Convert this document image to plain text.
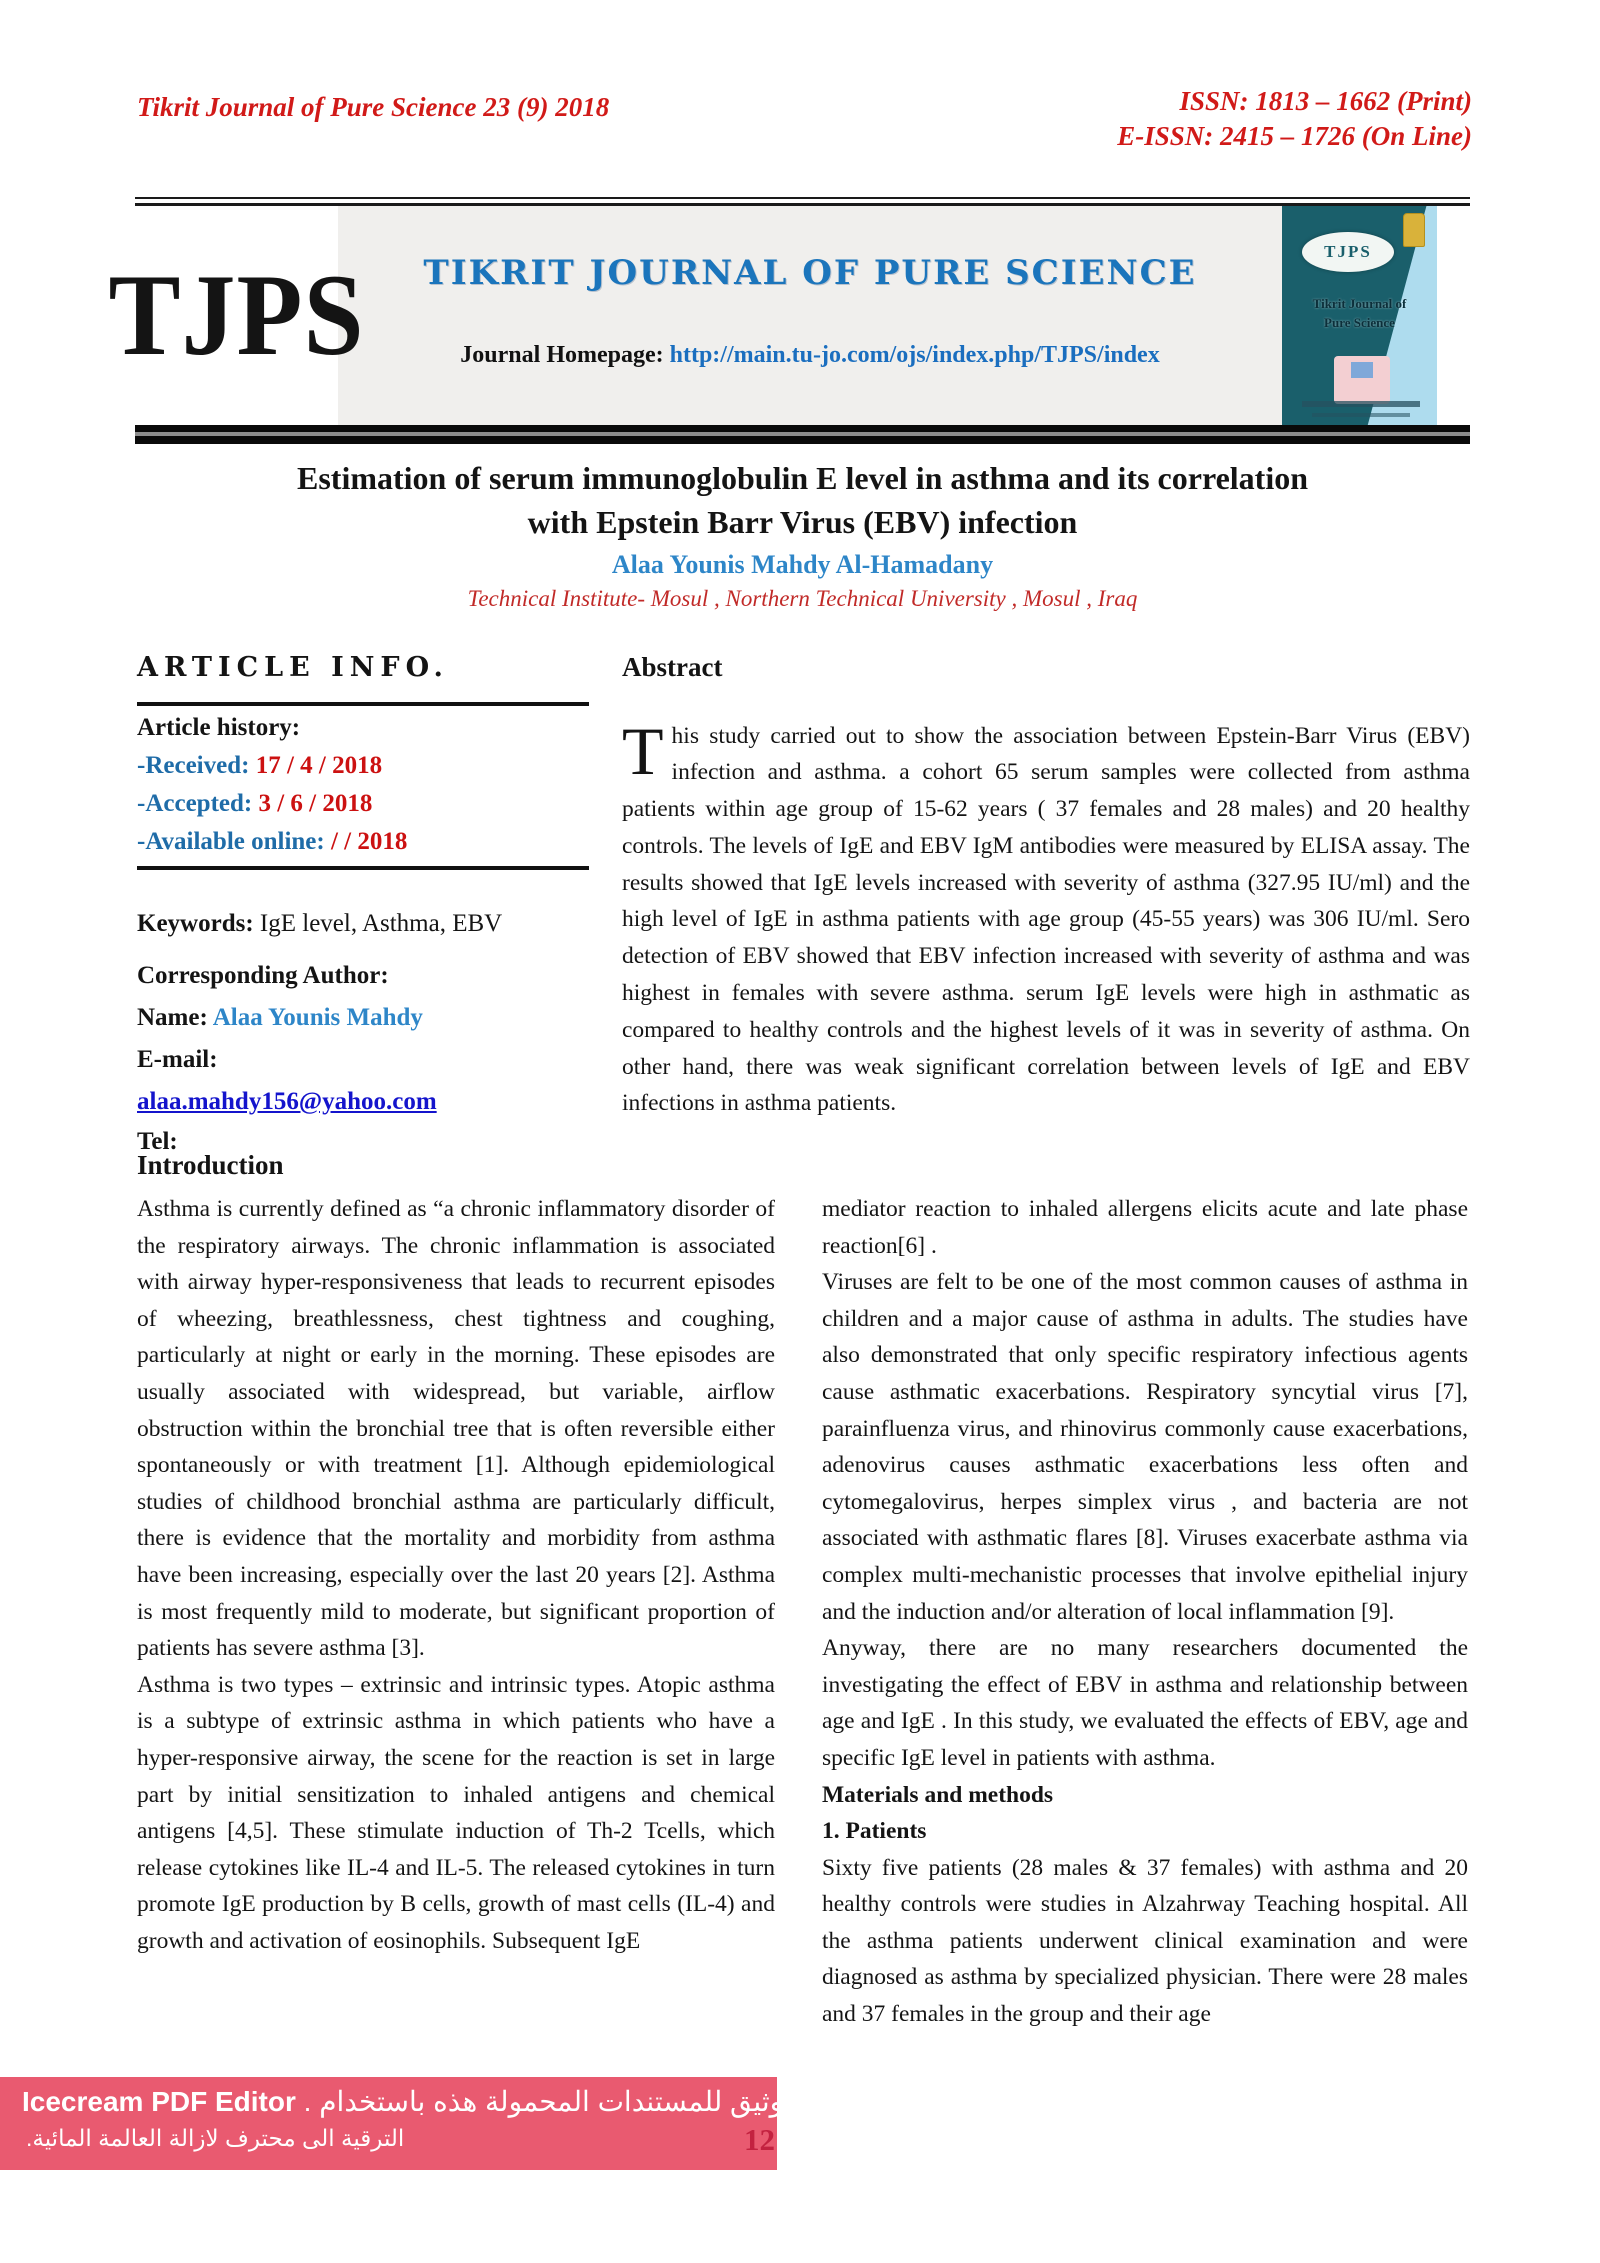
Tikrit Journal of Pure Science 23 (9) 2018	ISSN: 1813 – 1662 (Print)
E-ISSN: 2415 – 1726 (On Line)
TJPS	TIKRIT JOURNAL OF PURE SCIENCE
Journal Homepage: http://main.tu-jo.com/ojs/index.php/TJPS/index
TJPS
Tikrit Journal of
Pure Science
Estimation of serum immunoglobulin E level in asthma and its correlation
with Epstein Barr Virus (EBV) infection
Alaa Younis Mahdy Al-Hamadany
Technical Institute- Mosul , Northern Technical University , Mosul , Iraq
ARTICLE INFO.
Article history:
-Received: 17 / 4 / 2018
-Accepted: 3 / 6 / 2018
-Available online: / / 2018

Keywords: IgE level, Asthma, EBV

Corresponding Author:
Name: Alaa Younis Mahdy
E-mail:
alaa.mahdy156@yahoo.com
Tel:
Abstract

This study carried out to show the association between Epstein-Barr Virus (EBV) infection and asthma. a cohort 65 serum samples were collected from asthma patients within age group of 15-62 years ( 37 females and 28 males) and 20 healthy controls. The levels of IgE and EBV IgM antibodies were measured by ELISA assay. The results showed that IgE levels increased with severity of asthma (327.95 IU/ml) and the high level of IgE in asthma patients with age group (45-55 years) was 306 IU/ml. Sero detection of EBV showed that EBV infection increased with severity of asthma and was highest in females with severe asthma. serum IgE levels were high in asthmatic as compared to healthy controls and the highest levels of it was in severity of asthma. On other hand, there was weak significant correlation between levels of IgE and EBV infections in asthma patients.

Introduction

Asthma is currently defined as “a chronic inflammatory disorder of the respiratory airways. The chronic inflammation is associated with airway hyper-responsiveness that leads to recurrent episodes of wheezing, breathlessness, chest tightness and coughing, particularly at night or early in the morning. These episodes are usually associated with widespread, but variable, airflow obstruction within the bronchial tree that is often reversible either spontaneously or with treatment [1]. Although epidemiological studies of childhood bronchial asthma are particularly difficult, there is evidence that the mortality and morbidity from asthma have been increasing, especially over the last 20 years [2]. Asthma is most frequently mild to moderate, but significant proportion of patients has severe asthma [3].

Asthma is two types – extrinsic and intrinsic types. Atopic asthma is a subtype of extrinsic asthma in which patients who have a hyper-responsive airway, the scene for the reaction is set in large part by initial sensitization to inhaled antigens and chemical antigens [4,5]. These stimulate induction of Th-2 Tcells, which release cytokines like IL-4 and IL-5. The released cytokines in turn promote IgE production by B cells, growth of mast cells (IL-4) and growth and activation of eosinophils. Subsequent IgE

mediator reaction to inhaled allergens elicits acute and late phase reaction[6] .

Viruses are felt to be one of the most common causes of asthma in children and a major cause of asthma in adults. The studies have also demonstrated that only specific respiratory infectious agents cause asthmatic exacerbations. Respiratory syncytial virus [7], parainfluenza virus, and rhinovirus commonly cause exacerbations, adenovirus causes asthmatic exacerbations less often and cytomegalovirus, herpes simplex virus , and bacteria are not associated with asthmatic flares [8]. Viruses exacerbate asthma via complex multi-mechanistic processes that involve epithelial injury and the induction and/or alteration of local inflammation [9].

Anyway, there are no many researchers documented the investigating the effect of EBV in asthma and relationship between age and IgE . In this study, we evaluated the effects of EBV, age and specific IgE level in patients with asthma.

Materials and methods

1. Patients

Sixty five patients (28 males & 37 females) with asthma and 20 healthy controls were studies in Alzahrway Teaching hospital. All the asthma patients underwent clinical examination and were diagnosed as asthma by specialized physician. There were 28 males and 37 females in the group and their age

Icecream PDF Editor . مادختساب هذه ةلومحملا تادنتسملل قيثوتو ريرحت مت
.ةيئاملا ةملاعلا ةلازال فرتحم ىلا ةيقرتلا	12
